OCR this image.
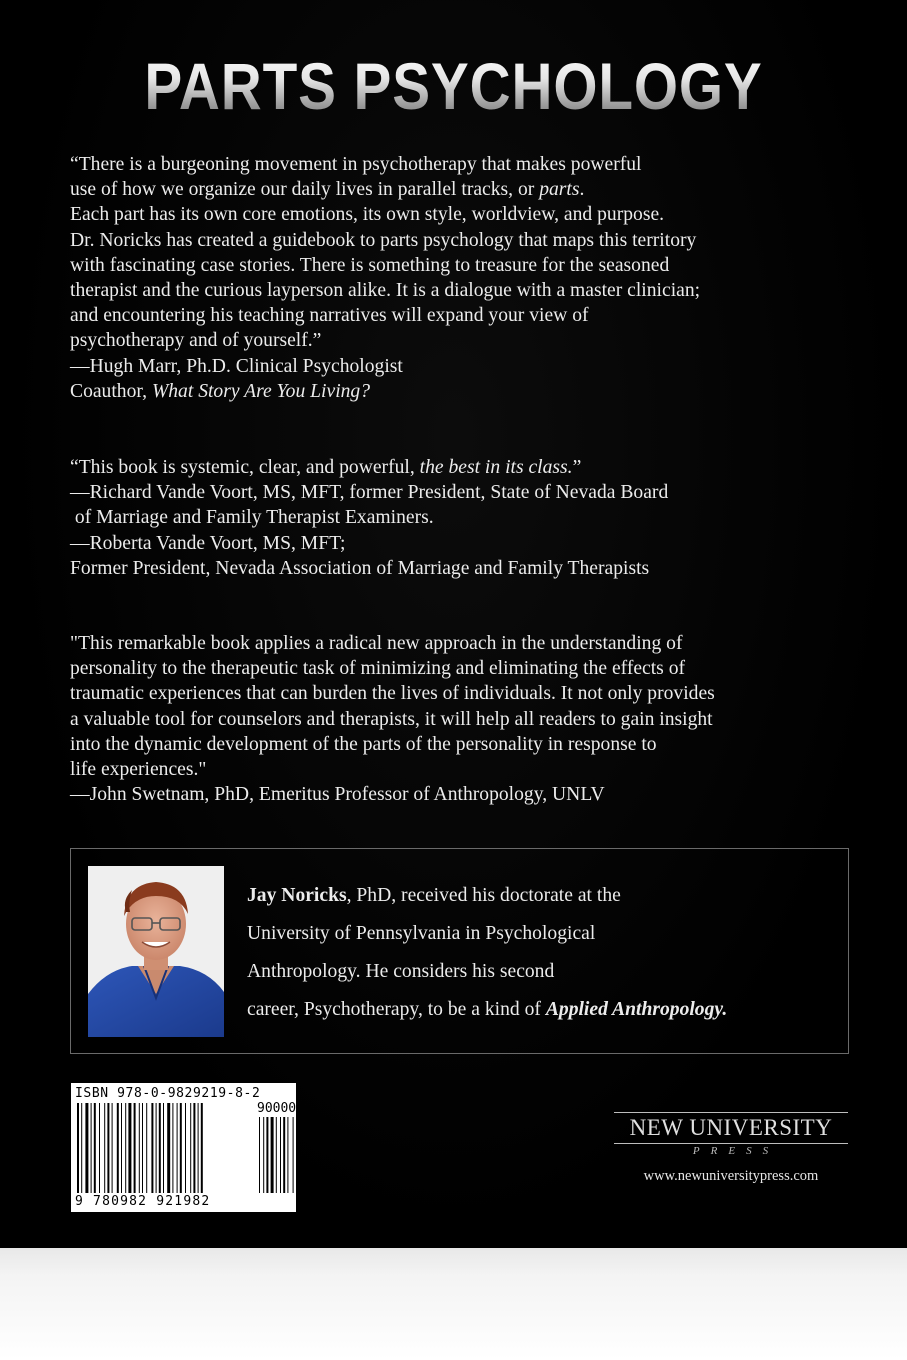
PARTS PSYCHOLOGY
“There is a burgeoning movement in psychotherapy that makes powerful
use of how we organize our daily lives in parallel tracks, or parts.
Each part has its own core emotions, its own style, worldview, and purpose.
Dr. Noricks has created a guidebook to parts psychology that maps this territory
with fascinating case stories. There is something to treasure for the seasoned
therapist and the curious layperson alike. It is a dialogue with a master clinician;
and encountering his teaching narratives will expand your view of
psychotherapy and of yourself.”
—Hugh Marr, Ph.D. Clinical Psychologist
Coauthor, What Story Are You Living?
“This book is systemic, clear, and powerful, the best in its class.”
—Richard Vande Voort, MS, MFT, former President, State of Nevada Board
of Marriage and Family Therapist Examiners.
—Roberta Vande Voort, MS, MFT;
Former President, Nevada Association of Marriage and Family Therapists
"This remarkable book applies a radical new approach in the understanding of
personality to the therapeutic task of minimizing and eliminating the effects of
traumatic experiences that can burden the lives of individuals. It not only provides
a valuable tool for counselors and therapists, it will help all readers to gain insight
into the dynamic development of the parts of the personality in response to
life experiences."
—John Swetnam, PhD, Emeritus Professor of Anthropology, UNLV
Jay Noricks, PhD, received his doctorate at the
University of Pennsylvania in Psychological
Anthropology. He considers his second
career, Psychotherapy, to be a kind of Applied Anthropology.
ISBN 978-0-9829219-8-2
90000
9 780982 921982
NEW UNIVERSITY
PRESS
www.newuniversitypress.com
